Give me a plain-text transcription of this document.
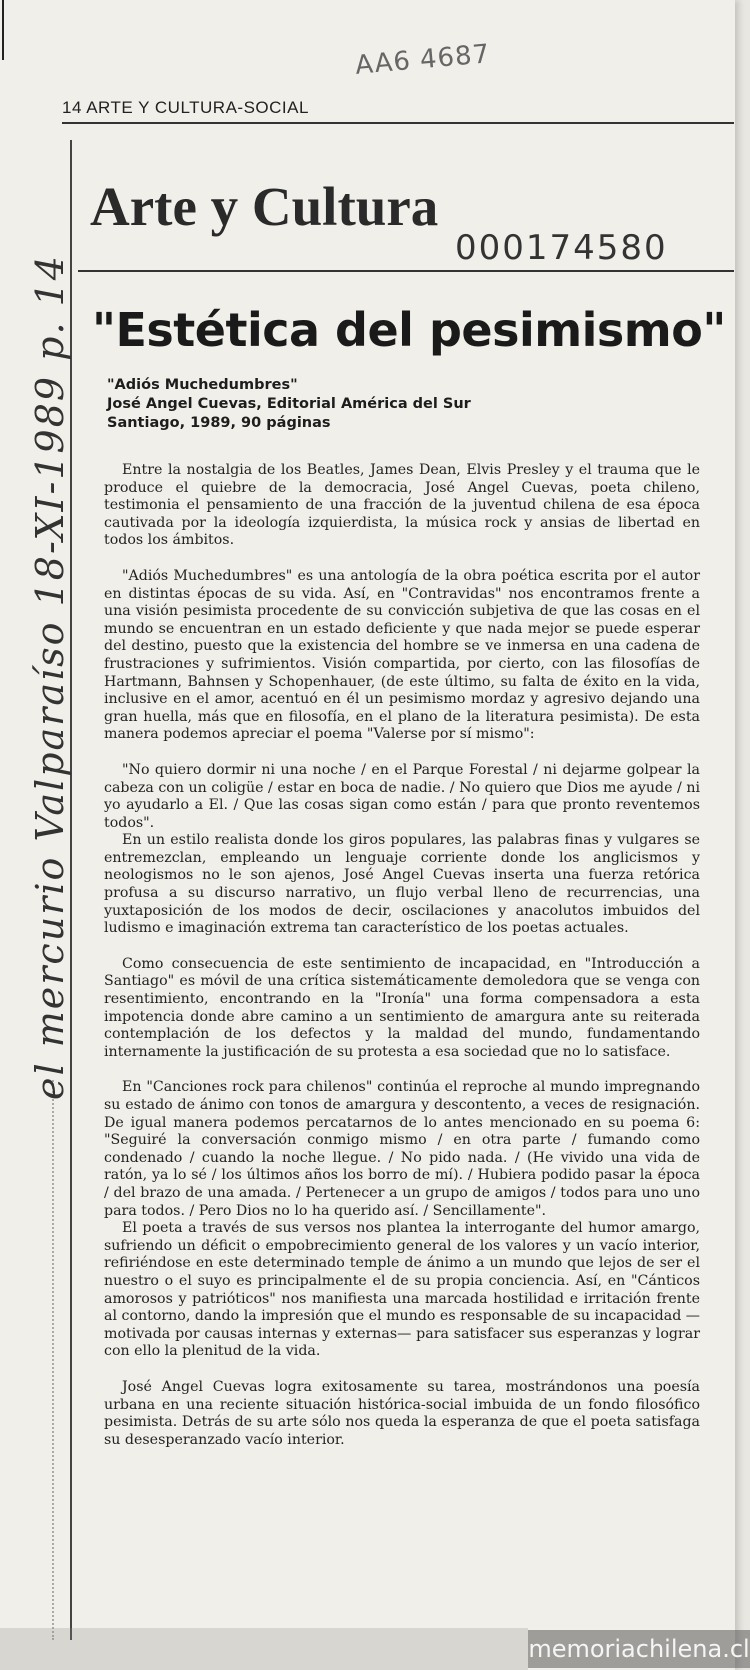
AA6 4687
14 ARTE Y CULTURA-SOCIAL
Arte y Cultura
000174580
"Estética del pesimismo"
"Adiós Muchedumbres"
José Angel Cuevas, Editorial América del Sur
Santiago, 1989, 90 páginas

Entre la nostalgia de los Beatles, James Dean, Elvis Presley y el trauma que le produce el quiebre de la democracia, José Angel Cuevas, poeta chileno, testimonia el pensamiento de una fracción de la juventud chilena de esa época cautivada por la ideología izquierdista, la música rock y ansias de libertad en todos los ámbitos.

"Adiós Muchedumbres" es una antología de la obra poética escrita por el autor en distintas épocas de su vida. Así, en "Contravidas" nos encontramos frente a una visión pesimista procedente de su convicción subjetiva de que las cosas en el mundo se encuentran en un estado deficiente y que nada mejor se puede esperar del destino, puesto que la existencia del hombre se ve inmersa en una cadena de frustraciones y sufrimientos. Visión compartida, por cierto, con las filosofías de Hartmann, Bahnsen y Schopenhauer, (de este último, su falta de éxito en la vida, inclusive en el amor, acentuó en él un pesimismo mordaz y agresivo dejando una gran huella, más que en filosofía, en el plano de la literatura pesimista). De esta manera podemos apreciar el poema "Valerse por sí mismo":

"No quiero dormir ni una noche / en el Parque Forestal / ni dejarme golpear la cabeza con un coligüe / estar en boca de nadie. / No quiero que Dios me ayude / ni yo ayudarlo a El. / Que las cosas sigan como están / para que pronto reventemos todos".

En un estilo realista donde los giros populares, las palabras finas y vulgares se entremezclan, empleando un lenguaje corriente donde los anglicismos y neologismos no le son ajenos, José Angel Cuevas inserta una fuerza retórica profusa a su discurso narrativo, un flujo verbal lleno de recurrencias, una yuxtaposición de los modos de decir, oscilaciones y anacolutos imbuidos del ludismo e imaginación extrema tan característico de los poetas actuales.

Como consecuencia de este sentimiento de incapacidad, en "Introducción a Santiago" es móvil de una crítica sistemáticamente demoledora que se venga con resentimiento, encontrando en la "Ironía" una forma compensadora a esta impotencia donde abre camino a un sentimiento de amargura ante su reiterada contemplación de los defectos y la maldad del mundo, fundamentando internamente la justificación de su protesta a esa sociedad que no lo satisface.

En "Canciones rock para chilenos" continúa el reproche al mundo impregnando su estado de ánimo con tonos de amargura y descontento, a veces de resignación. De igual manera podemos percatarnos de lo antes mencionado en su poema 6: "Seguiré la conversación conmigo mismo / en otra parte / fumando como condenado / cuando la noche llegue. / No pido nada. / (He vivido una vida de ratón, ya lo sé / los últimos años los borro de mí). / Hubiera podido pasar la época / del brazo de una amada. / Pertenecer a un grupo de amigos / todos para uno uno para todos. / Pero Dios no lo ha querido así. / Sencillamente".

El poeta a través de sus versos nos plantea la interrogante del humor amargo, sufriendo un déficit o empobrecimiento general de los valores y un vacío interior, refiriéndose en este determinado temple de ánimo a un mundo que lejos de ser el nuestro o el suyo es principalmente el de su propia conciencia. Así, en "Cánticos amorosos y patrióticos" nos manifiesta una marcada hostilidad e irritación frente al contorno, dando la impresión que el mundo es responsable de su incapacidad —motivada por causas internas y externas— para satisfacer sus esperanzas y lograr con ello la plenitud de la vida.

José Angel Cuevas logra exitosamente su tarea, mostrándonos una poesía urbana en una reciente situación histórica-social imbuida de un fondo filosófico pesimista. Detrás de su arte sólo nos queda la esperanza de que el poeta satisfaga su desesperanzado vacío interior.

el mercurio Valparaíso 18-XI-1989 p. 14
memoriachilena.cl
